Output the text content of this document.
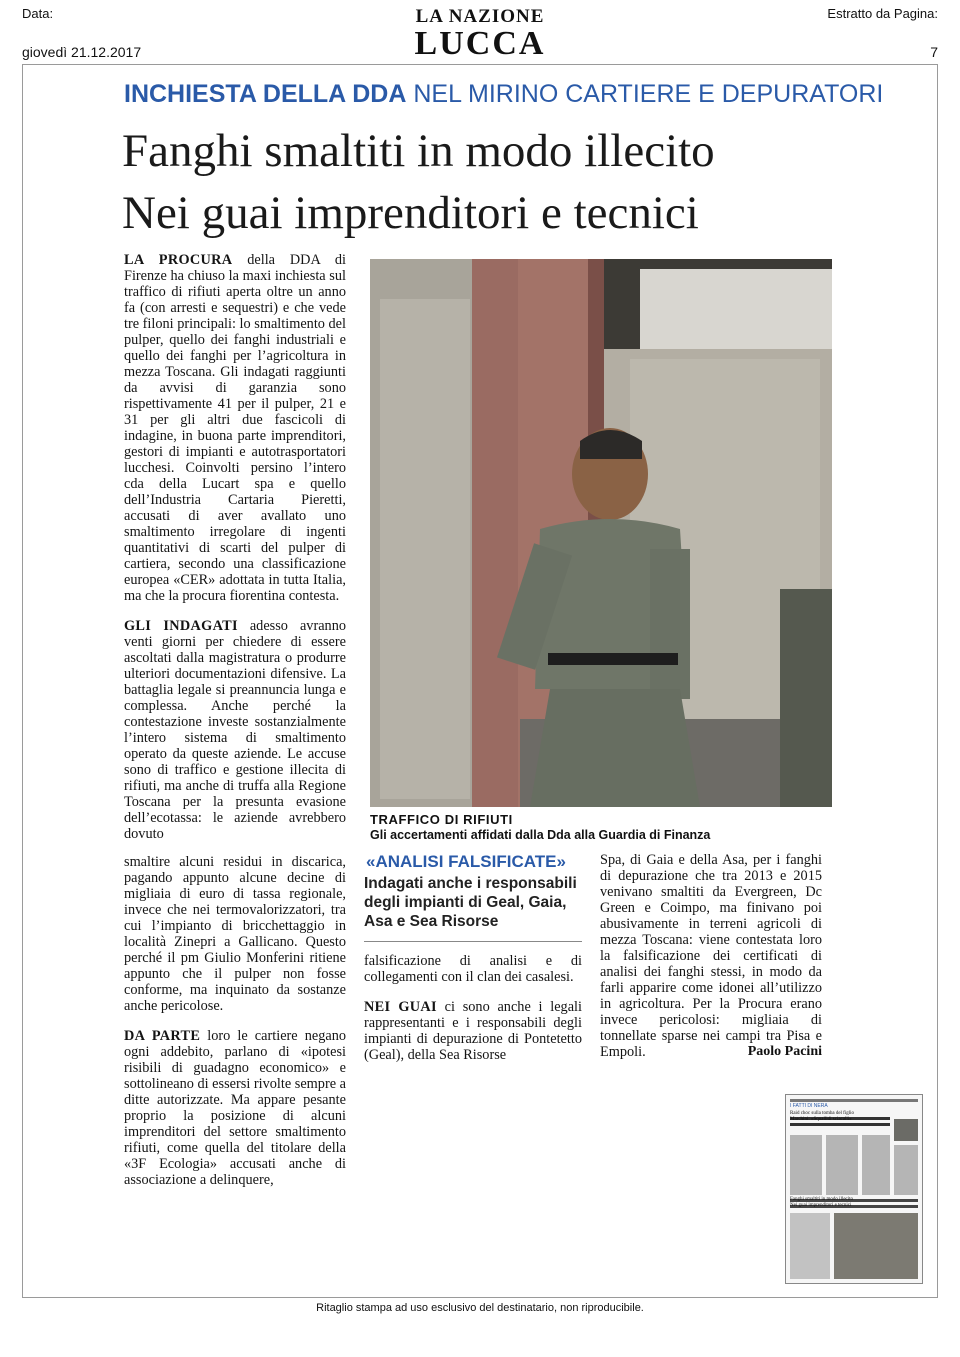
Data:
giovedì 21.12.2017
LA NAZIONE
LUCCA
Estratto da Pagina:
7
INCHIESTA DELLA DDA NEL MIRINO CARTIERE E DEPURATORI
Fanghi smaltiti in modo illecito
Nei guai imprenditori e tecnici

LA PROCURA della DDA di Firenze ha chiuso la maxi inchiesta sul traffico di rifiuti aperta oltre un anno fa (con arresti e sequestri) e che vede tre filoni principali: lo smaltimento del pulper, quello dei fanghi industriali e quello dei fanghi per l’agricoltura in mezza Toscana. Gli indagati raggiunti da avvisi di garanzia sono rispettivamente 41 per il pulper, 21 e 31 per gli altri due fascicoli di indagine, in buona parte imprenditori, gestori di impianti e autotrasportatori lucchesi. Coinvolti persino l’intero cda della Lucart spa e quello dell’Industria Cartaria Pieretti, accusati di aver avallato uno smaltimento irregolare di ingenti quantitativi di scarti del pulper di cartiera, secondo una classificazione europea «CER» adottata in tutta Italia, ma che la procura fiorentina contesta.

GLI INDAGATI adesso avranno venti giorni per chiedere di essere ascoltati dalla magistratura o produrre ulteriori documentazioni difensive. La battaglia legale si preannuncia lunga e complessa. Anche perché la contestazione investe sostanzialmente l’intero sistema di smaltimento operato da queste aziende. Le accuse sono di traffico e gestione illecita di rifiuti, ma anche di truffa alla Regione Toscana per la presunta evasione dell’ecotassa: le aziende avrebbero dovuto

TRAFFICO DI RIFIUTI
Gli accertamenti affidati dalla Dda alla Guardia di Finanza

smaltire alcuni residui in discarica, pagando appunto alcune decine di migliaia di euro di tassa regionale, invece che nei termovalorizzatori, tra cui l’impianto di bricchettaggio in località Zinepri a Gallicano. Questo perché il pm Giulio Monferini ritiene appunto che il pulper non fosse conforme, ma inquinato da sostanze anche pericolose.

DA PARTE loro le cartiere negano ogni addebito, parlano di «ipotesi risibili di guadagno economico» e sottolineano di essersi rivolte sempre a ditte autorizzate. Ma appare pesante proprio la posizione di alcuni imprenditori del settore smaltimento rifiuti, come quella del titolare della «3F Ecologia» accusati anche di associazione a delinquere,

«ANALISI FALSIFICATE»
Indagati anche i responsabili degli impianti di Geal, Gaia, Asa e Sea Risorse

falsificazione di analisi e di collegamenti con il clan dei casalesi.

NEI GUAI ci sono anche i legali rappresentanti e i responsabili degli impianti di depurazione di Pontetetto (Geal), della Sea Risorse

Spa, di Gaia e della Asa, per i fanghi di depurazione che tra 2013 e 2015 venivano smaltiti da Evergreen, Dc Green e Coimpo, ma finivano poi abusivamente in terreni agricoli di mezza Toscana: viene contestata loro la falsificazione dei certificati di analisi dei fanghi stessi, in modo da farli apparire come idonei all’utilizzo in agricoltura. Per la Procura erano invece pericolosi: migliaia di tonnellate sparse nei campi tra Pisa e Empoli.	Paolo Pacini
I FATTI DI NERA
Raid choc sulla tomba del figlio
Marchini: «Squallidi sciacalli»
Fanghi smaltiti in modo illecito
Nei guai imprenditori e tecnici
Ritaglio stampa ad uso esclusivo del destinatario, non riproducibile.
